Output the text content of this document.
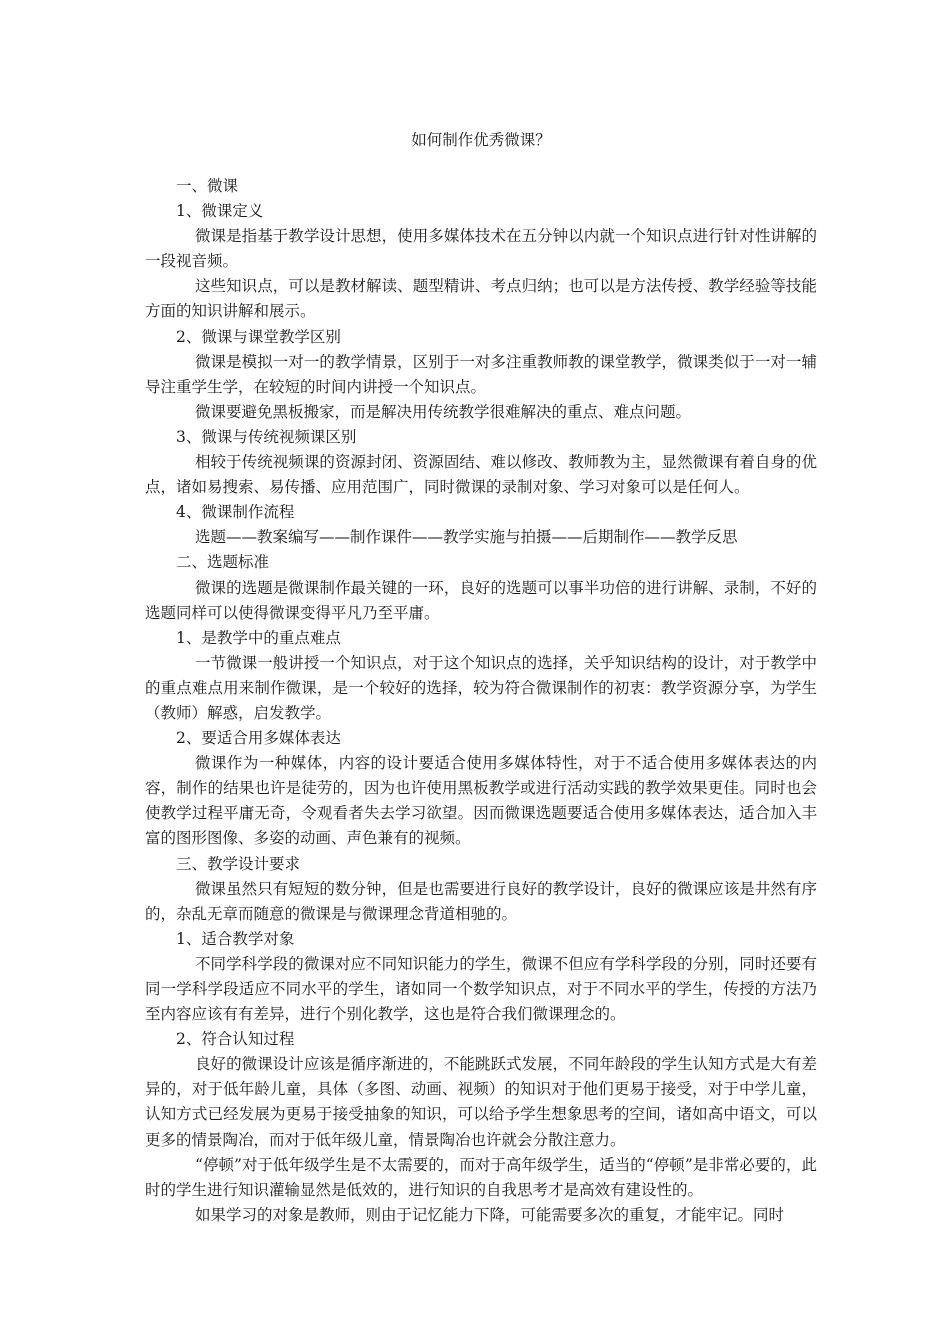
如何制作优秀微课？
一、微课
1、微课定义

微课是指基于教学设计思想，使用多媒体技术在五分钟以内就一个知识点进行针对性讲解的一段视音频。

这些知识点，可以是教材解读、题型精讲、考点归纳；也可以是方法传授、教学经验等技能方面的知识讲解和展示。

2、微课与课堂教学区别

微课是模拟一对一的教学情景，区别于一对多注重教师教的课堂教学，微课类似于一对一辅导注重学生学，在较短的时间内讲授一个知识点。

微课要避免黑板搬家，而是解决用传统教学很难解决的重点、难点问题。

3、微课与传统视频课区别

相较于传统视频课的资源封闭、资源固结、难以修改、教师教为主，显然微课有着自身的优点，诸如易搜索、易传播、应用范围广，同时微课的录制对象、学习对象可以是任何人。

4、微课制作流程

选题——教案编写——制作课件——教学实施与拍摄——后期制作——教学反思

二、选题标准

微课的选题是微课制作最关键的一环，良好的选题可以事半功倍的进行讲解、录制，不好的选题同样可以使得微课变得平凡乃至平庸。

1、是教学中的重点难点

一节微课一般讲授一个知识点，对于这个知识点的选择，关乎知识结构的设计，对于教学中的重点难点用来制作微课，是一个较好的选择，较为符合微课制作的初衷：教学资源分享，为学生（教师）解惑，启发教学。

2、要适合用多媒体表达

微课作为一种媒体，内容的设计要适合使用多媒体特性，对于不适合使用多媒体表达的内容，制作的结果也许是徒劳的，因为也许使用黑板教学或进行活动实践的教学效果更佳。同时也会使教学过程平庸无奇，令观看者失去学习欲望。因而微课选题要适合使用多媒体表达，适合加入丰富的图形图像、多姿的动画、声色兼有的视频。

三、教学设计要求

微课虽然只有短短的数分钟，但是也需要进行良好的教学设计，良好的微课应该是井然有序的，杂乱无章而随意的微课是与微课理念背道相驰的。

1、适合教学对象

不同学科学段的微课对应不同知识能力的学生，微课不但应有学科学段的分别，同时还要有同一学科学段适应不同水平的学生，诸如同一个数学知识点，对于不同水平的学生，传授的方法乃至内容应该有有差异，进行个别化教学，这也是符合我们微课理念的。

2、符合认知过程

良好的微课设计应该是循序渐进的，不能跳跃式发展，不同年龄段的学生认知方式是大有差异的，对于低年龄儿童，具体（多图、动画、视频）的知识对于他们更易于接受，对于中学儿童，认知方式已经发展为更易于接受抽象的知识，可以给予学生想象思考的空间，诸如高中语文，可以更多的情景陶冶，而对于低年级儿童，情景陶冶也许就会分散注意力。

“停顿”对于低年级学生是不太需要的，而对于高年级学生，适当的“停顿”是非常必要的，此时的学生进行知识灌输显然是低效的，进行知识的自我思考才是高效有建设性的。

如果学习的对象是教师，则由于记忆能力下降，可能需要多次的重复，才能牢记。同时
